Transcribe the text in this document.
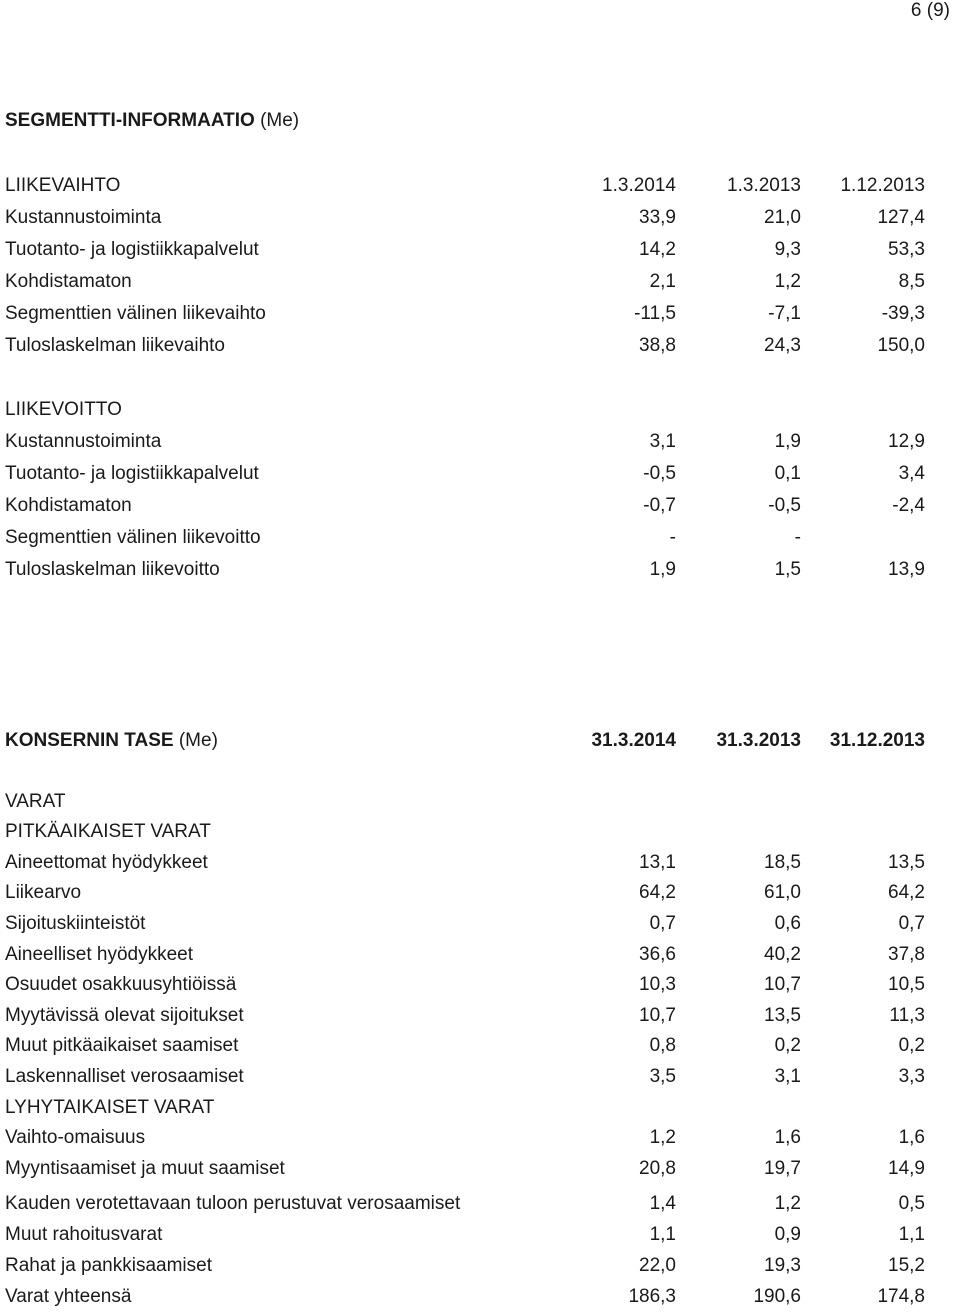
6 (9)
SEGMENTTI-INFORMAATIO (Me)
LIIKEVAIHTO	1.3.2014	1.3.2013	1.12.2013
Kustannustoiminta	33,9	21,0	127,4
Tuotanto- ja logistiikkapalvelut	14,2	9,3	53,3
Kohdistamaton	2,1	1,2	8,5
Segmenttien välinen liikevaihto	-11,5	-7,1	-39,3
Tuloslaskelman liikevaihto	38,8	24,3	150,0
LIIKEVOITTO
Kustannustoiminta	3,1	1,9	12,9
Tuotanto- ja logistiikkapalvelut	-0,5	0,1	3,4
Kohdistamaton	-0,7	-0,5	-2,4
Segmenttien välinen liikevoitto	-	-
Tuloslaskelman liikevoitto	1,9	1,5	13,9
KONSERNIN TASE (Me)	31.3.2014	31.3.2013	31.12.2013
VARAT
PITKÄAIKAISET VARAT
Aineettomat hyödykkeet	13,1	18,5	13,5
Liikearvo	64,2	61,0	64,2
Sijoituskiinteistöt	0,7	0,6	0,7
Aineelliset hyödykkeet	36,6	40,2	37,8
Osuudet osakkuusyhtiöissä	10,3	10,7	10,5
Myytävissä olevat sijoitukset	10,7	13,5	11,3
Muut pitkäaikaiset saamiset	0,8	0,2	0,2
Laskennalliset verosaamiset	3,5	3,1	3,3
LYHYTAIKAISET VARAT
Vaihto-omaisuus	1,2	1,6	1,6
Myyntisaamiset ja muut saamiset	20,8	19,7	14,9
Kauden verotettavaan tuloon perustuvat verosaamiset	1,4	1,2	0,5
Muut rahoitusvarat	1,1	0,9	1,1
Rahat ja pankkisaamiset	22,0	19,3	15,2
Varat yhteensä	186,3	190,6	174,8
